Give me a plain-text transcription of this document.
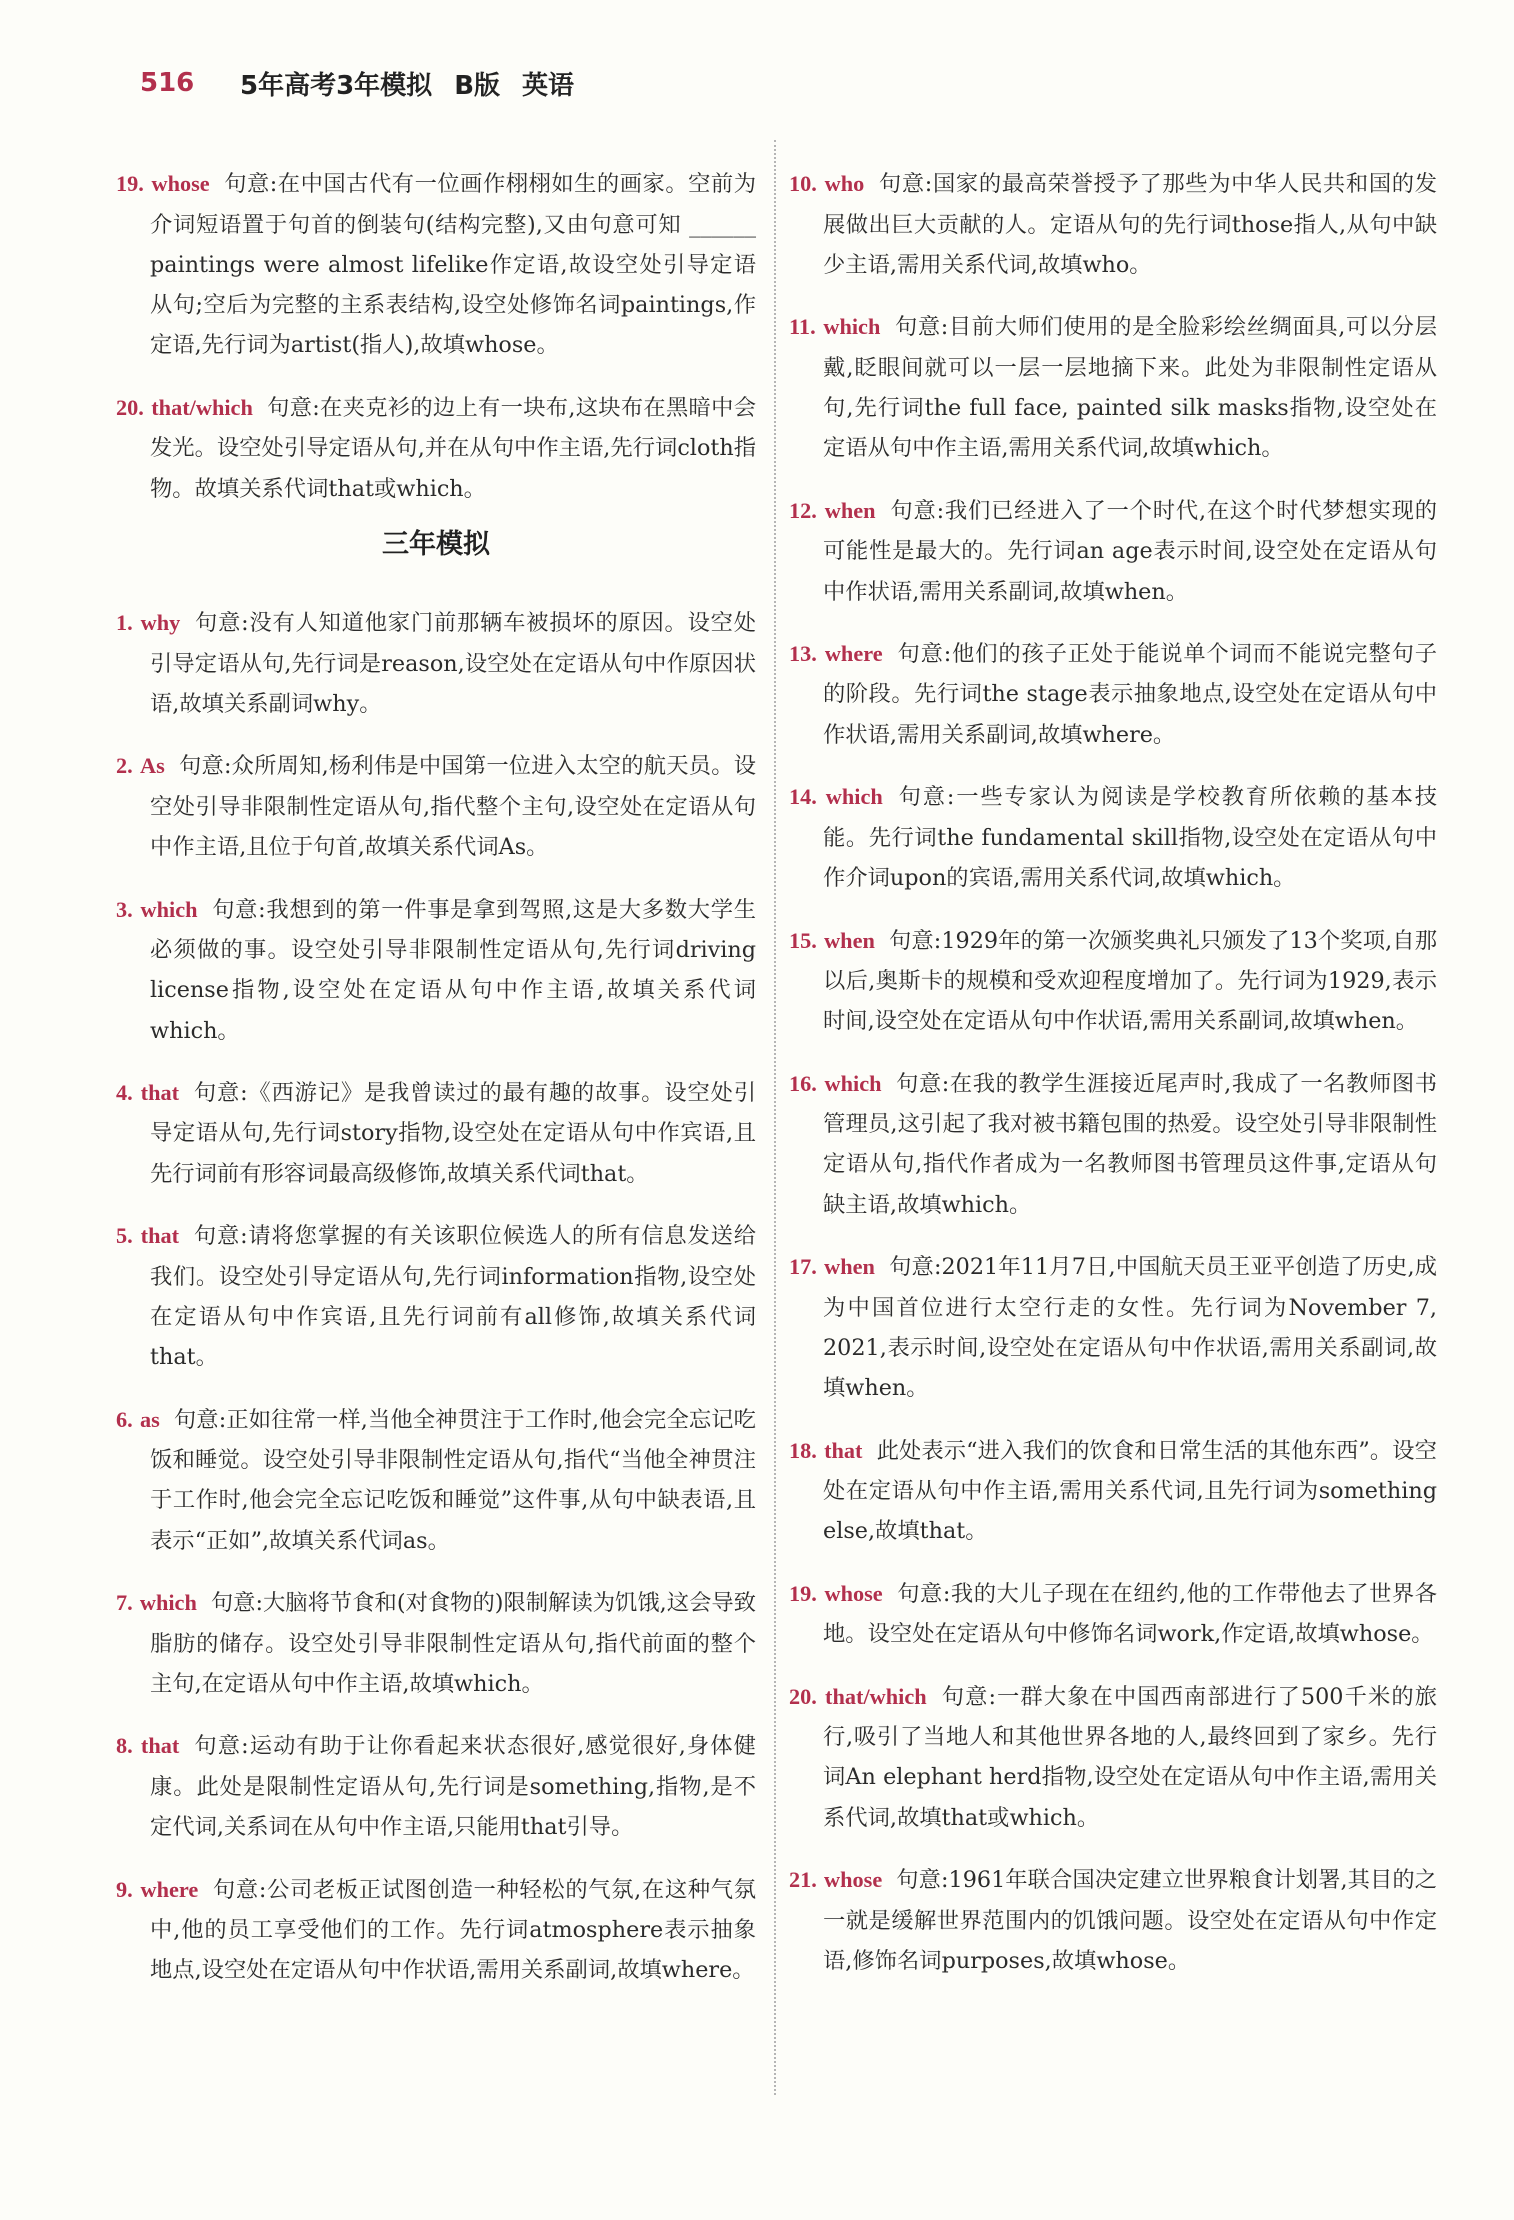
516	5年高考3年模拟 B版 英语

19. whose 句意:在中国古代有一位画作栩栩如生的画家。空前为介词短语置于句首的倒装句(结构完整),又由句意可知 ______ paintings were almost lifelike作定语,故设空处引导定语从句;空后为完整的主系表结构,设空处修饰名词paintings,作定语,先行词为artist(指人),故填whose。

20. that/which 句意:在夹克衫的边上有一块布,这块布在黑暗中会发光。设空处引导定语从句,并在从句中作主语,先行词cloth指物。故填关系代词that或which。

三年模拟

1. why 句意:没有人知道他家门前那辆车被损坏的原因。设空处引导定语从句,先行词是reason,设空处在定语从句中作原因状语,故填关系副词why。

2. As 句意:众所周知,杨利伟是中国第一位进入太空的航天员。设空处引导非限制性定语从句,指代整个主句,设空处在定语从句中作主语,且位于句首,故填关系代词As。

3. which 句意:我想到的第一件事是拿到驾照,这是大多数大学生必须做的事。设空处引导非限制性定语从句,先行词driving license指物,设空处在定语从句中作主语,故填关系代词which。

4. that 句意:《西游记》是我曾读过的最有趣的故事。设空处引导定语从句,先行词story指物,设空处在定语从句中作宾语,且先行词前有形容词最高级修饰,故填关系代词that。

5. that 句意:请将您掌握的有关该职位候选人的所有信息发送给我们。设空处引导定语从句,先行词information指物,设空处在定语从句中作宾语,且先行词前有all修饰,故填关系代词that。

6. as 句意:正如往常一样,当他全神贯注于工作时,他会完全忘记吃饭和睡觉。设空处引导非限制性定语从句,指代“当他全神贯注于工作时,他会完全忘记吃饭和睡觉”这件事,从句中缺表语,且表示“正如”,故填关系代词as。

7. which 句意:大脑将节食和(对食物的)限制解读为饥饿,这会导致脂肪的储存。设空处引导非限制性定语从句,指代前面的整个主句,在定语从句中作主语,故填which。

8. that 句意:运动有助于让你看起来状态很好,感觉很好,身体健康。此处是限制性定语从句,先行词是something,指物,是不定代词,关系词在从句中作主语,只能用that引导。

9. where 句意:公司老板正试图创造一种轻松的气氛,在这种气氛中,他的员工享受他们的工作。先行词atmosphere表示抽象地点,设空处在定语从句中作状语,需用关系副词,故填where。

10. who 句意:国家的最高荣誉授予了那些为中华人民共和国的发展做出巨大贡献的人。定语从句的先行词those指人,从句中缺少主语,需用关系代词,故填who。

11. which 句意:目前大师们使用的是全脸彩绘丝绸面具,可以分层戴,眨眼间就可以一层一层地摘下来。此处为非限制性定语从句,先行词the full face, painted silk masks指物,设空处在定语从句中作主语,需用关系代词,故填which。

12. when 句意:我们已经进入了一个时代,在这个时代梦想实现的可能性是最大的。先行词an age表示时间,设空处在定语从句中作状语,需用关系副词,故填when。

13. where 句意:他们的孩子正处于能说单个词而不能说完整句子的阶段。先行词the stage表示抽象地点,设空处在定语从句中作状语,需用关系副词,故填where。

14. which 句意:一些专家认为阅读是学校教育所依赖的基本技能。先行词the fundamental skill指物,设空处在定语从句中作介词upon的宾语,需用关系代词,故填which。

15. when 句意:1929年的第一次颁奖典礼只颁发了13个奖项,自那以后,奥斯卡的规模和受欢迎程度增加了。先行词为1929,表示时间,设空处在定语从句中作状语,需用关系副词,故填when。

16. which 句意:在我的教学生涯接近尾声时,我成了一名教师图书管理员,这引起了我对被书籍包围的热爱。设空处引导非限制性定语从句,指代作者成为一名教师图书管理员这件事,定语从句缺主语,故填which。

17. when 句意:2021年11月7日,中国航天员王亚平创造了历史,成为中国首位进行太空行走的女性。先行词为November 7, 2021,表示时间,设空处在定语从句中作状语,需用关系副词,故填when。

18. that 此处表示“进入我们的饮食和日常生活的其他东西”。设空处在定语从句中作主语,需用关系代词,且先行词为something else,故填that。

19. whose 句意:我的大儿子现在在纽约,他的工作带他去了世界各地。设空处在定语从句中修饰名词work,作定语,故填whose。

20. that/which 句意:一群大象在中国西南部进行了500千米的旅行,吸引了当地人和其他世界各地的人,最终回到了家乡。先行词An elephant herd指物,设空处在定语从句中作主语,需用关系代词,故填that或which。

21. whose 句意:1961年联合国决定建立世界粮食计划署,其目的之一就是缓解世界范围内的饥饿问题。设空处在定语从句中作定语,修饰名词purposes,故填whose。
